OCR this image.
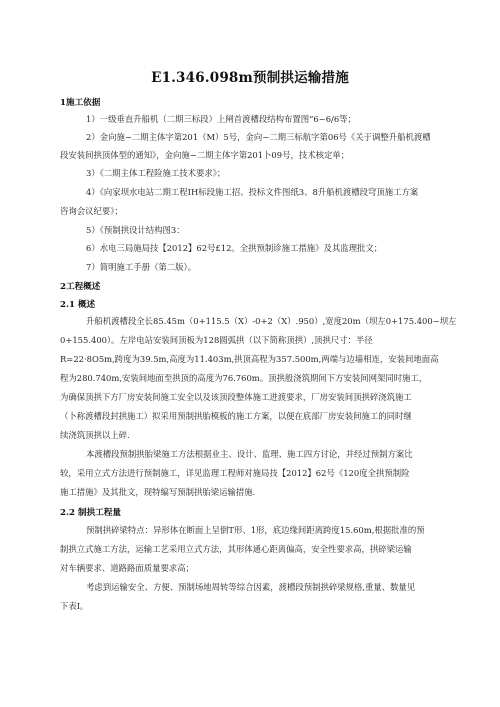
E1.346.098m预制拱运输措施
1施工依据
1）一级垂直升船机（二期三标段）上闸首渡槽段结构布置图“6~6/6等；
2）金向施−二期主体字第201（M）5号，金向−二期三标航字第06号《关于调整升船机渡槽
段安装间拱顶体型的通知》，金向施−二期主体字第201卜09号，技术核定单；
3）《二期主体工程险施工技术要求》；
4）《向家坝水电站二期工程IH标段施工招、投标文件图纸3、8升船机渡槽段穹顶施工方案
咨询会议纪要》；
5）《预制拱设计结构图3：
6）水电三局施局技【2012】62号£12。全拱预制诊施工措施》及其监理批文；
7）简明施工手册（第二版）。
2工程概述
2.1 概述
升船机渡槽段全长85.45m（0+115.5（X）-0+2（X）.950）,宽度20m（坝左0+175.400~坝左
0+155.400）。左岸电站安装间顶板为128圆弧拱（以下简称顶拱）,顶拱尺寸：半径
R=22·8O5m,跨度为39.5m,高度为11.403m,拱顶高程为357.500m,两端与边墙相连，安装间地面高
程为280.740m,安装间地面至拱顶的高度为76.760m。顶拱般浇筑期间下方安装间网架同时施工，
为确保顶拱下方厂房安装间施工安全以及该顶段整体施工进渡要求，厂房安装间顶拱碎浇筑施工
（卜称渡槽段封拱施工）拟采用预制拱胎模板的施工方案，以便在底部厂房安装间施工的同时继
续浇筑顶拱以上碎.
本渡槽段预制拱胎梁施工方法根据业主、设计、监理、施工四方讨论，并经过预制方案比
较，采用立式方法进行预制施工，详见监理工程师对施局技【2012】62号《120度全拱预制险
施工措施》及其批文，现特编写预制拱胎梁运输措施.
2.2 制拱工程量
预制拱碎梁特点：异形体在断面上呈倒T形、1形，底边缘间距离跨度15.60m,根据批准的预
制拱立式施工方法，运输工艺采用立式方法，其形体通心距离偏高，安全性要求高，拱碎梁运输
对车辆要求、道路路面质量要求高；
考虑到运输安全、方便、预制场地周转等综合因素，渡槽段预制拱碎梁规格,重量、数量见
下表I。
